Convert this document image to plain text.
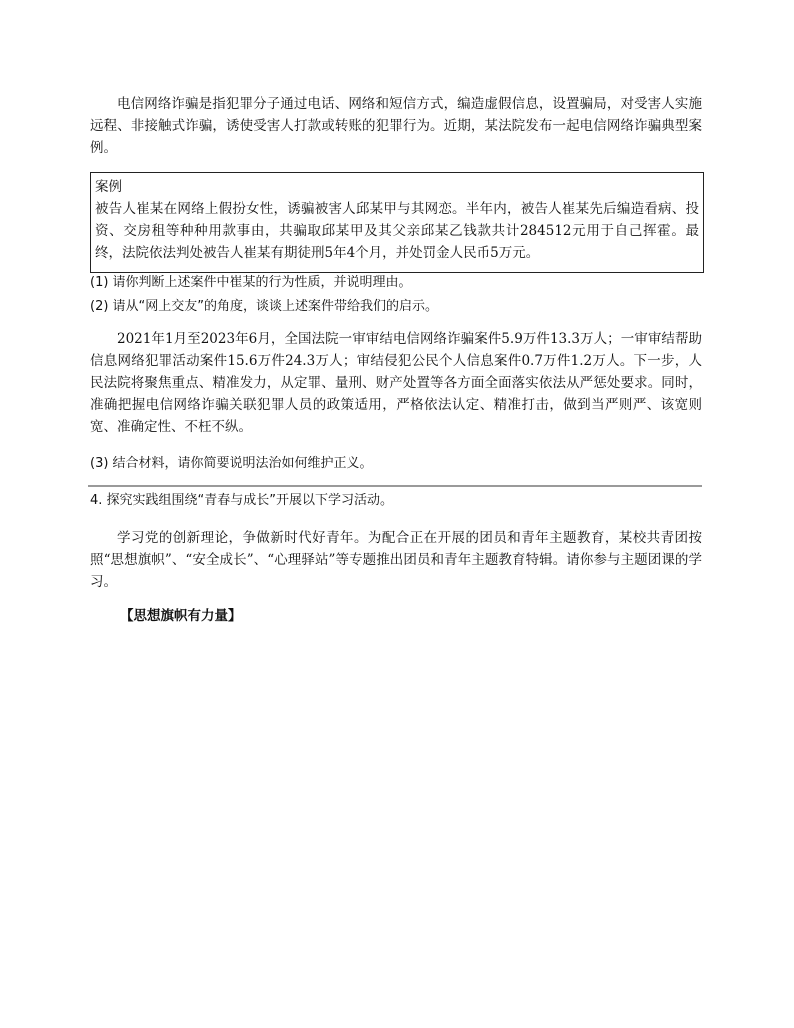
电信网络诈骗是指犯罪分子通过电话、网络和短信方式，编造虚假信息，设置骗局，对受害人实施远程、非接触式诈骗，诱使受害人打款或转账的犯罪行为。近期，某法院发布一起电信网络诈骗典型案例。

案例
被告人崔某在网络上假扮女性，诱骗被害人邱某甲与其网恋。半年内，被告人崔某先后编造看病、投资、交房租等种种用款事由，共骗取邱某甲及其父亲邱某乙钱款共计284512元用于自己挥霍。最终，法院依法判处被告人崔某有期徒刑5年4个月，并处罚金人民币5万元。

(1) 请你判断上述案件中崔某的行为性质，并说明理由。

(2) 请从“网上交友”的角度，谈谈上述案件带给我们的启示。

2021年1月至2023年6月，全国法院一审审结电信网络诈骗案件5.9万件13.3万人；一审审结帮助信息网络犯罪活动案件15.6万件24.3万人；审结侵犯公民个人信息案件0.7万件1.2万人。下一步，人民法院将聚焦重点、精准发力，从定罪、量刑、财产处置等各方面全面落实依法从严惩处要求。同时，准确把握电信网络诈骗关联犯罪人员的政策适用，严格依法认定、精准打击，做到当严则严、该宽则宽、准确定性、不枉不纵。

(3) 结合材料，请你简要说明法治如何维护正义。

4. 探究实践组围绕“青春与成长”开展以下学习活动。

学习党的创新理论，争做新时代好青年。为配合正在开展的团员和青年主题教育，某校共青团按照“思想旗帜”、“安全成长”、“心理驿站”等专题推出团员和青年主题教育特辑。请你参与主题团课的学习。

【思想旗帜有力量】
